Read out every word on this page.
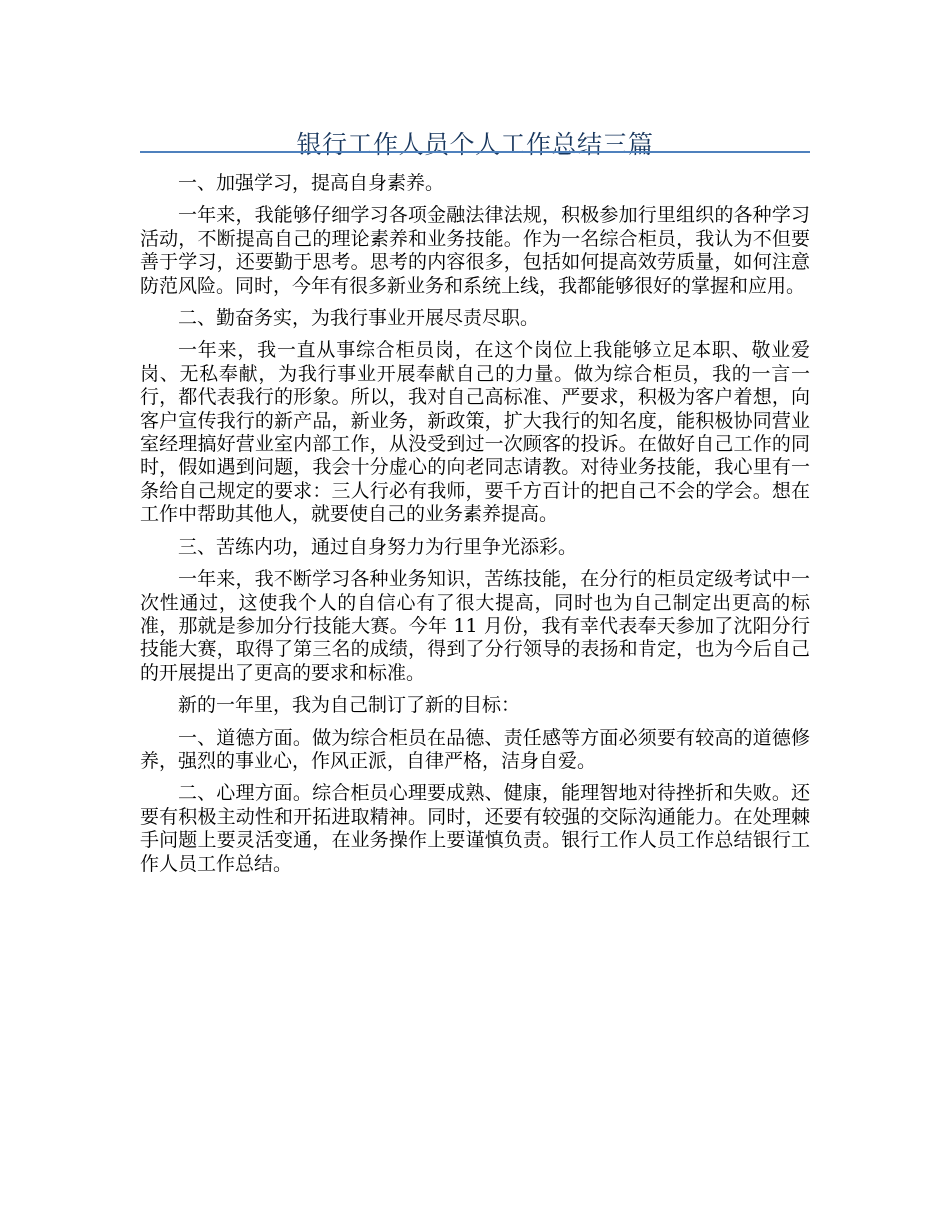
银行工作人员个人工作总结三篇

一、加强学习，提高自身素养。

一年来，我能够仔细学习各项金融法律法规，积极参加行里组织的各种学习活动，不断提高自己的理论素养和业务技能。作为一名综合柜员，我认为不但要善于学习，还要勤于思考。思考的内容很多，包括如何提高效劳质量，如何注意防范风险。同时，今年有很多新业务和系统上线，我都能够很好的掌握和应用。

二、勤奋务实，为我行事业开展尽责尽职。

一年来，我一直从事综合柜员岗，在这个岗位上我能够立足本职、敬业爱岗、无私奉献，为我行事业开展奉献自己的力量。做为综合柜员，我的一言一行，都代表我行的形象。所以，我对自己高标准、严要求，积极为客户着想，向客户宣传我行的新产品，新业务，新政策，扩大我行的知名度，能积极协同营业室经理搞好营业室内部工作，从没受到过一次顾客的投诉。在做好自己工作的同时，假如遇到问题，我会十分虚心的向老同志请教。对待业务技能，我心里有一条给自己规定的要求：三人行必有我师，要千方百计的把自己不会的学会。想在工作中帮助其他人，就要使自己的业务素养提高。

三、苦练内功，通过自身努力为行里争光添彩。

一年来，我不断学习各种业务知识，苦练技能，在分行的柜员定级考试中一次性通过，这使我个人的自信心有了很大提高，同时也为自己制定出更高的标准，那就是参加分行技能大赛。今年 11 月份，我有幸代表奉天参加了沈阳分行技能大赛，取得了第三名的成绩，得到了分行领导的表扬和肯定，也为今后自己的开展提出了更高的要求和标准。

新的一年里，我为自己制订了新的目标：

一、道德方面。做为综合柜员在品德、责任感等方面必须要有较高的道德修养，强烈的事业心，作风正派，自律严格，洁身自爱。

二、心理方面。综合柜员心理要成熟、健康，能理智地对待挫折和失败。还要有积极主动性和开拓进取精神。同时，还要有较强的交际沟通能力。在处理棘手问题上要灵活变通，在业务操作上要谨慎负责。银行工作人员工作总结银行工作人员工作总结。
